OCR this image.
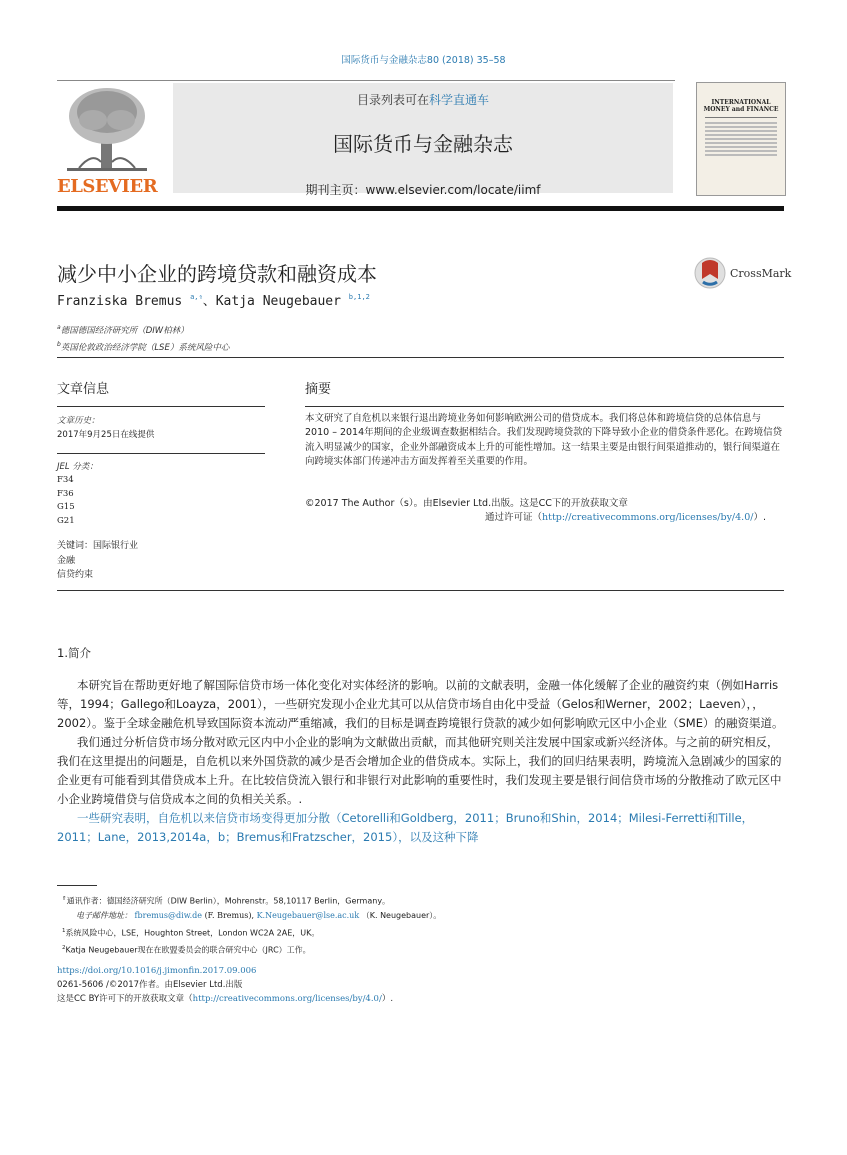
国际货币与金融杂志80 (2018) 35–58
ELSEVIER
目录列表可在科学直通车
国际货币与金融杂志
期刊主页：www.elsevier.com/locate/iimf
INTERNATIONAL MONEY and FINANCE
减少中小企业的跨境贷款和融资成本	CrossMark
Franziska Bremus $^{a,⇑}$、Katja Neugebauer $^{b,1,2}$
$^a$德国德国经济研究所（DIW柏林）
$^b$英国伦敦政治经济学院（LSE）系统风险中心
文章信息	摘要
文章历史：
2017年9月25日在线提供
JEL 分类：
F34
F36
G15
G21
关键词：国际银行业
金融
信贷约束
本文研究了自危机以来银行退出跨境业务如何影响欧洲公司的借贷成本。我们将总体和跨境信贷的总体信息与2010 – 2014年期间的企业级调查数据相结合。我们发现跨境贷款的下降导致小企业的借贷条件恶化。在跨境信贷流入明显减少的国家，企业外部融资成本上升的可能性增加。这一结果主要是由银行间渠道推动的，银行间渠道在向跨境实体部门传递冲击方面发挥着至关重要的作用。
©2017 The Author（s）。由Elsevier Ltd.出版。这是CC下的开放获取文章
通过许可证（http://creativecommons.org/licenses/by/4.0/）.
1.简介

本研究旨在帮助更好地了解国际信贷市场一体化变化对实体经济的影响。以前的文献表明，金融一体化缓解了企业的融资约束（例如Harris等，1994；Gallego和Loayza，2001），一些研究发现小企业尤其可以从信贷市场自由化中受益（Gelos和Werner，2002；Laeven），，2002）。鉴于全球金融危机导致国际资本流动严重缩减，我们的目标是调查跨境银行贷款的减少如何影响欧元区中小企业（SME）的融资渠道。

我们通过分析信贷市场分散对欧元区内中小企业的影响为文献做出贡献，而其他研究则关注发展中国家或新兴经济体。与之前的研究相反，我们在这里提出的问题是，自危机以来外国贷款的减少是否会增加企业的借贷成本。实际上，我们的回归结果表明，跨境流入急剧减少的国家的企业更有可能看到其借贷成本上升。在比较信贷流入银行和非银行对此影响的重要性时，我们发现主要是银行间信贷市场的分散推动了欧元区中小企业跨境借贷与信贷成本之间的负相关关系。.

一些研究表明，自危机以来信贷市场变得更加分散（Cetorelli和Goldberg，2011；Bruno和Shin，2014；Milesi-Ferretti和Tille，2011；Lane，2013,2014a，b；Bremus和Fratzscher，2015），以及这种下降

⇑通讯作者：德国经济研究所（DIW Berlin），Mohrenstr。58,10117 Berlin，Germany。
电子邮件地址： fbremus@diw.de (F. Bremus), K.Neugebauer@lse.ac.uk （K. Neugebauer）。
$^1$系统风险中心，LSE，Houghton Street，London WC2A 2AE，UK。
$^2$Katja Neugebauer现在在欧盟委员会的联合研究中心（JRC）工作。
https://doi.org/10.1016/j.jimonfin.2017.09.006
0261-5606 /©2017作者。由Elsevier Ltd.出版
这是CC BY许可下的开放获取文章（http://creativecommons.org/licenses/by/4.0/）.
